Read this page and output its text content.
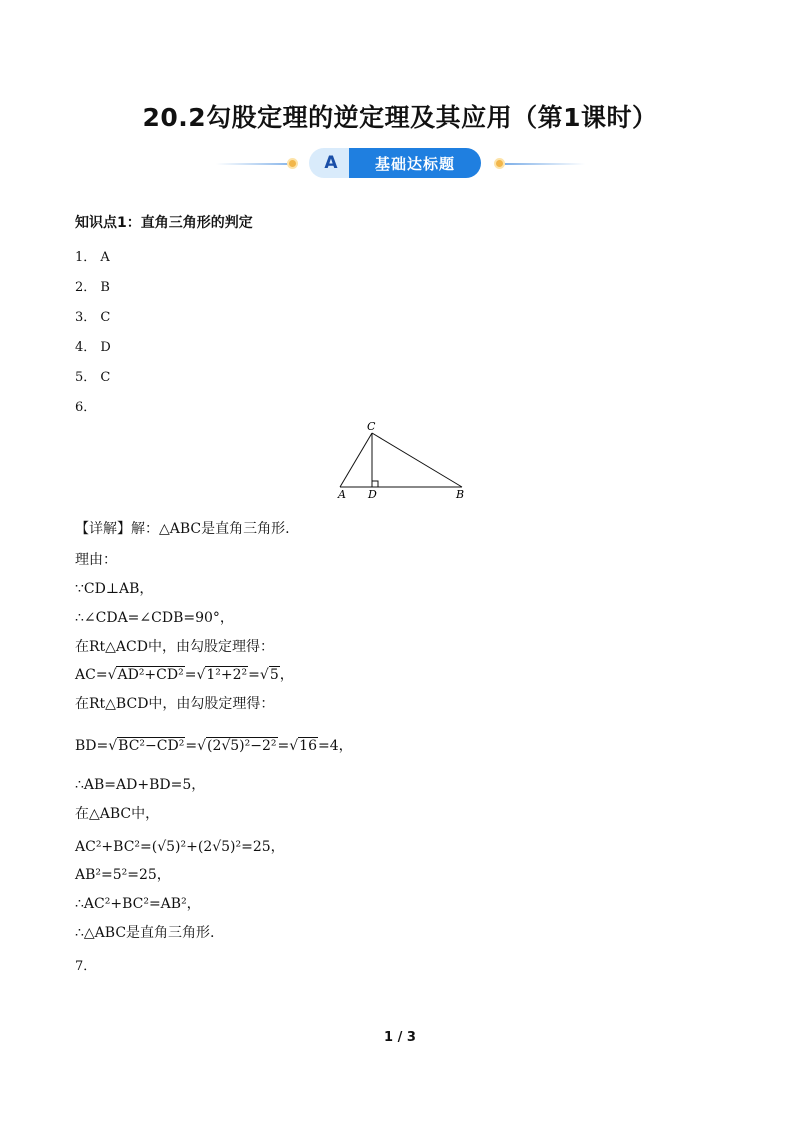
20.2勾股定理的逆定理及其应用（第1课时）
A	基础达标题
知识点1：直角三角形的判定
1． A
2． B
3． C
4． D
5． C
6．
C
A D	B
【详解】解：△ABC是直角三角形.
理由：
∵CD⊥AB，
∴∠CDA=∠CDB=90°，
在Rt△ACD中，由勾股定理得：
AC=√AD²+CD²=√1²+2²=√5，
在Rt△BCD中，由勾股定理得：
BD=√BC²−CD²=√(2√5)²−2²=√16=4，
∴AB=AD+BD=5，
在△ABC中，
AC²+BC²=(√5)²+(2√5)²=25，
AB²=5²=25，
∴AC²+BC²=AB²，
∴△ABC是直角三角形.
7．
1 / 3
